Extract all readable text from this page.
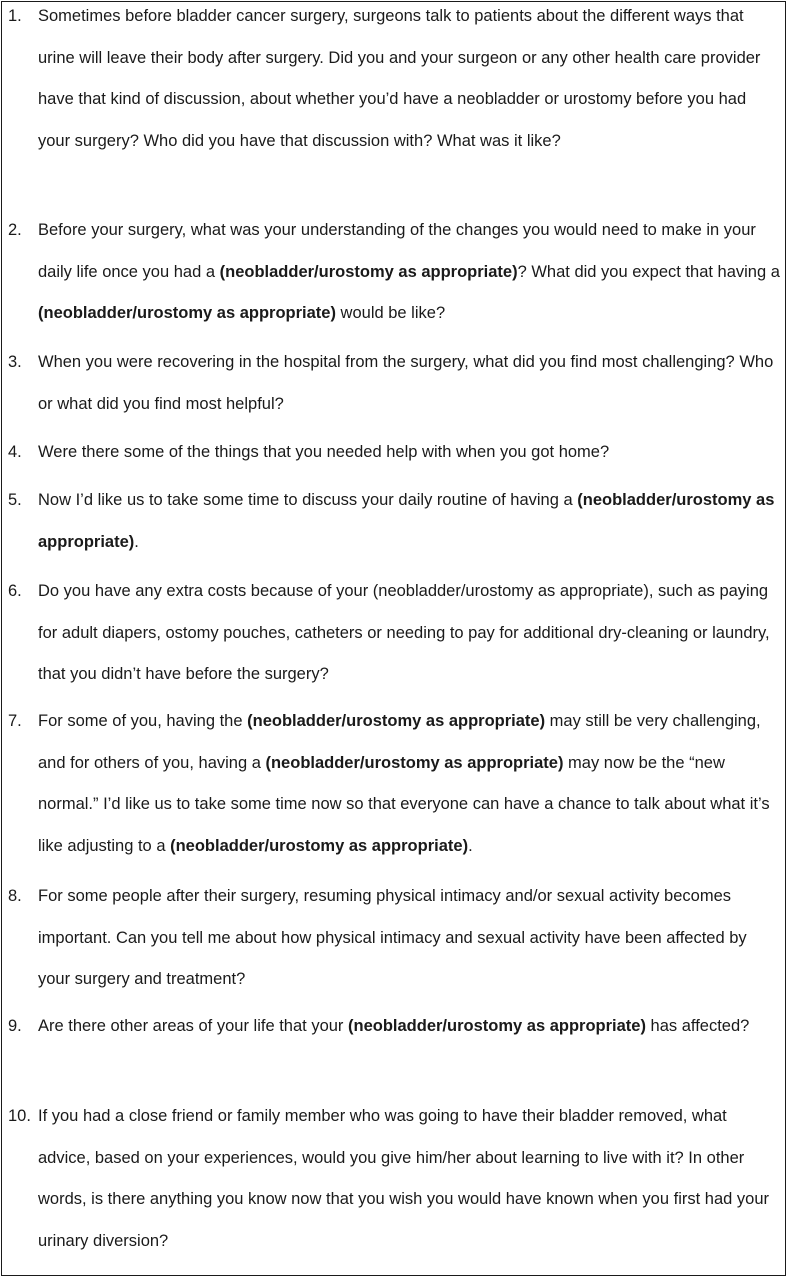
1. Sometimes before bladder cancer surgery, surgeons talk to patients about the different ways that urine will leave their body after surgery. Did you and your surgeon or any other health care provider have that kind of discussion, about whether you’d have a neobladder or urostomy before you had your surgery? Who did you have that discussion with? What was it like?
2. Before your surgery, what was your understanding of the changes you would need to make in your daily life once you had a (neobladder/urostomy as appropriate)? What did you expect that having a (neobladder/urostomy as appropriate) would be like?
3. When you were recovering in the hospital from the surgery, what did you find most challenging? Who or what did you find most helpful?
4. Were there some of the things that you needed help with when you got home?
5. Now I’d like us to take some time to discuss your daily routine of having a (neobladder/urostomy as appropriate).
6. Do you have any extra costs because of your (neobladder/urostomy as appropriate), such as paying for adult diapers, ostomy pouches, catheters or needing to pay for additional dry-cleaning or laundry, that you didn’t have before the surgery?
7. For some of you, having the (neobladder/urostomy as appropriate) may still be very challenging, and for others of you, having a (neobladder/urostomy as appropriate) may now be the “new normal.” I’d like us to take some time now so that everyone can have a chance to talk about what it’s like adjusting to a (neobladder/urostomy as appropriate).
8. For some people after their surgery, resuming physical intimacy and/or sexual activity becomes important. Can you tell me about how physical intimacy and sexual activity have been affected by your surgery and treatment?
9. Are there other areas of your life that your (neobladder/urostomy as appropriate) has affected?
10. If you had a close friend or family member who was going to have their bladder removed, what advice, based on your experiences, would you give him/her about learning to live with it? In other words, is there anything you know now that you wish you would have known when you first had your urinary diversion?
